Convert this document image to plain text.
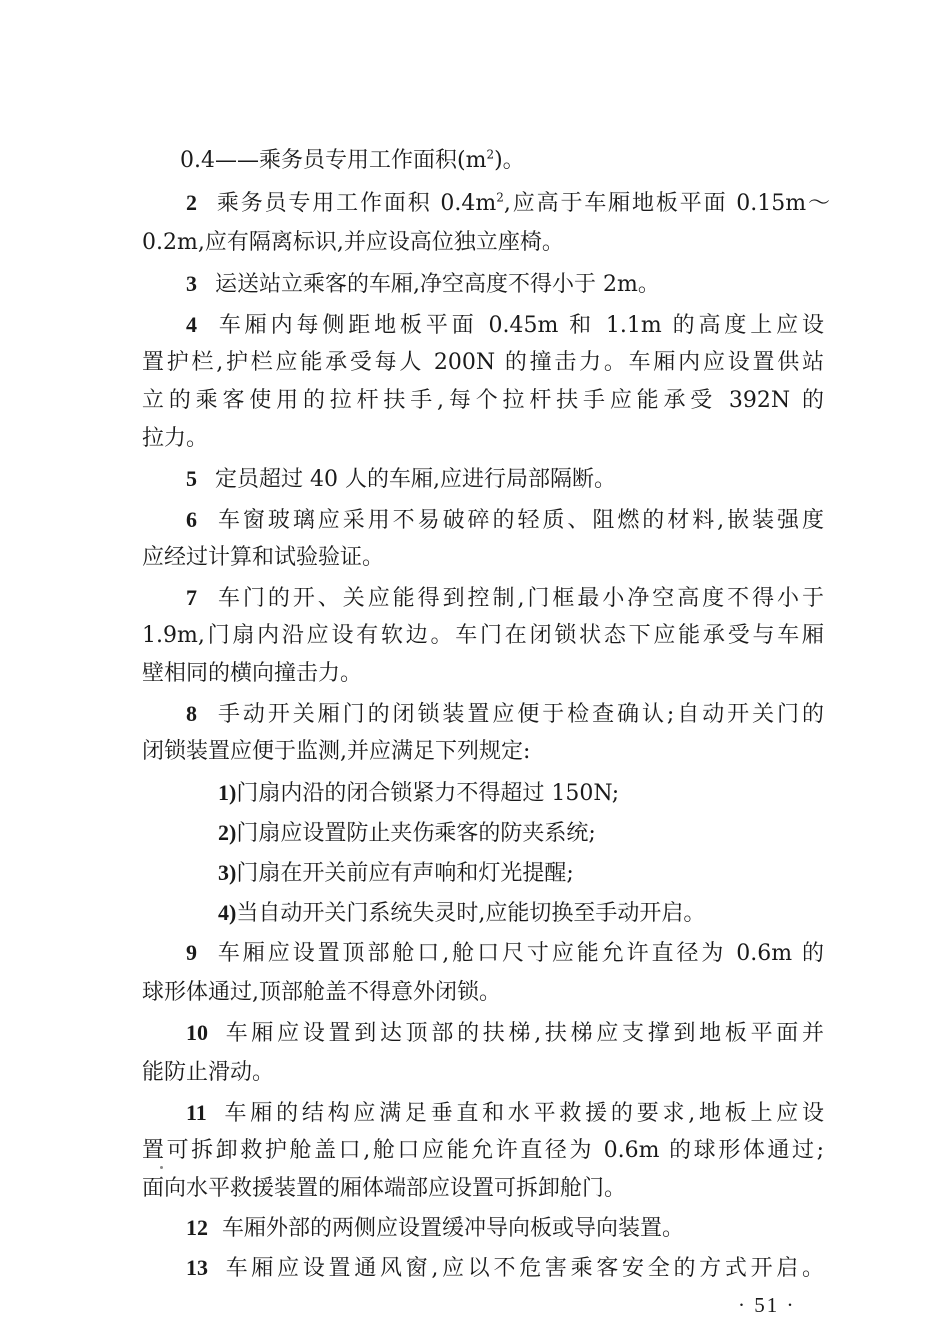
0.4——乘务员专用工作面积$(m^2)$。
2 乘务员专用工作面积 $0.4m^2$,应高于车厢地板平面 0.15m～
0.2m,应有隔离标识,并应设高位独立座椅。
3 运送站立乘客的车厢,净空高度不得小于 2m。
4 车厢内每侧距地板平面 0.45m 和 1.1m 的高度上应设
置护栏,护栏应能承受每人 200N 的撞击力。车厢内应设置供站
立的乘客使用的拉杆扶手,每个拉杆扶手应能承受 392N 的
拉力。
5 定员超过 40 人的车厢,应进行局部隔断。
6 车窗玻璃应采用不易破碎的轻质、阻燃的材料,嵌装强度
应经过计算和试验验证。
7 车门的开、关应能得到控制,门框最小净空高度不得小于
1.9m,门扇内沿应设有软边。车门在闭锁状态下应能承受与车厢
壁相同的横向撞击力。
8 手动开关厢门的闭锁装置应便于检查确认;自动开关门的
闭锁装置应便于监测,并应满足下列规定:
1)门扇内沿的闭合锁紧力不得超过 150N;
2)门扇应设置防止夹伤乘客的防夹系统;
3)门扇在开关前应有声响和灯光提醒;
4)当自动开关门系统失灵时,应能切换至手动开启。
9 车厢应设置顶部舱口,舱口尺寸应能允许直径为 0.6m 的
球形体通过,顶部舱盖不得意外闭锁。
10 车厢应设置到达顶部的扶梯,扶梯应支撑到地板平面并
能防止滑动。
11 车厢的结构应满足垂直和水平救援的要求,地板上应设
置可拆卸救护舱盖口,舱口应能允许直径为 0.6m 的球形体通过;
面向水平救援装置的厢体端部应设置可拆卸舱门。
12 车厢外部的两侧应设置缓冲导向板或导向装置。
13 车厢应设置通风窗,应以不危害乘客安全的方式开启。
· 51 ·
